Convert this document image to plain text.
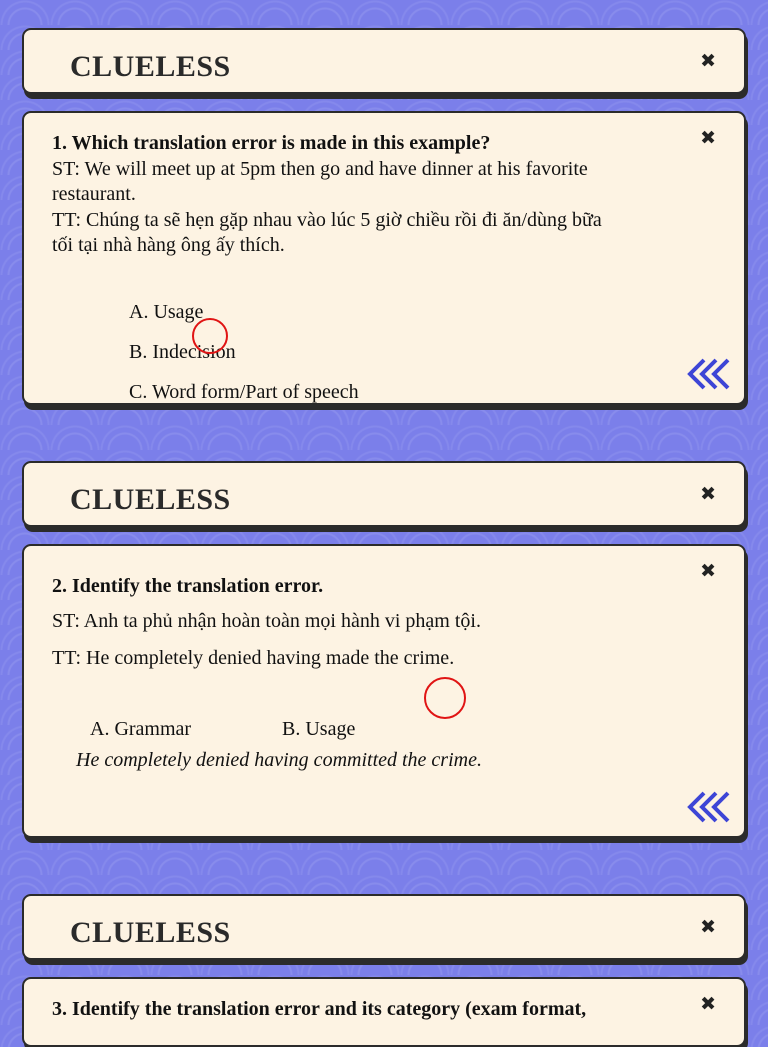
CLUELESS	✖
✖
1. Which translation error is made in this example?
ST: We will meet up at 5pm then go and have dinner at his favorite
restaurant.
TT: Chúng ta sẽ hẹn gặp nhau vào lúc 5 giờ chiều rồi đi ăn/dùng bữa
tối tại nhà hàng ông ấy thích.
A. Usage
B. Indecision
C. Word form/Part of speech
CLUELESS	✖
✖
2. Identify the translation error.
ST: Anh ta phủ nhận hoàn toàn mọi hành vi phạm tội.
TT: He completely denied having made the crime.
A. Grammar	B. Usage
He completely denied having committed the crime.
CLUELESS	✖
✖
3. Identify the translation error and its category (exam format,
